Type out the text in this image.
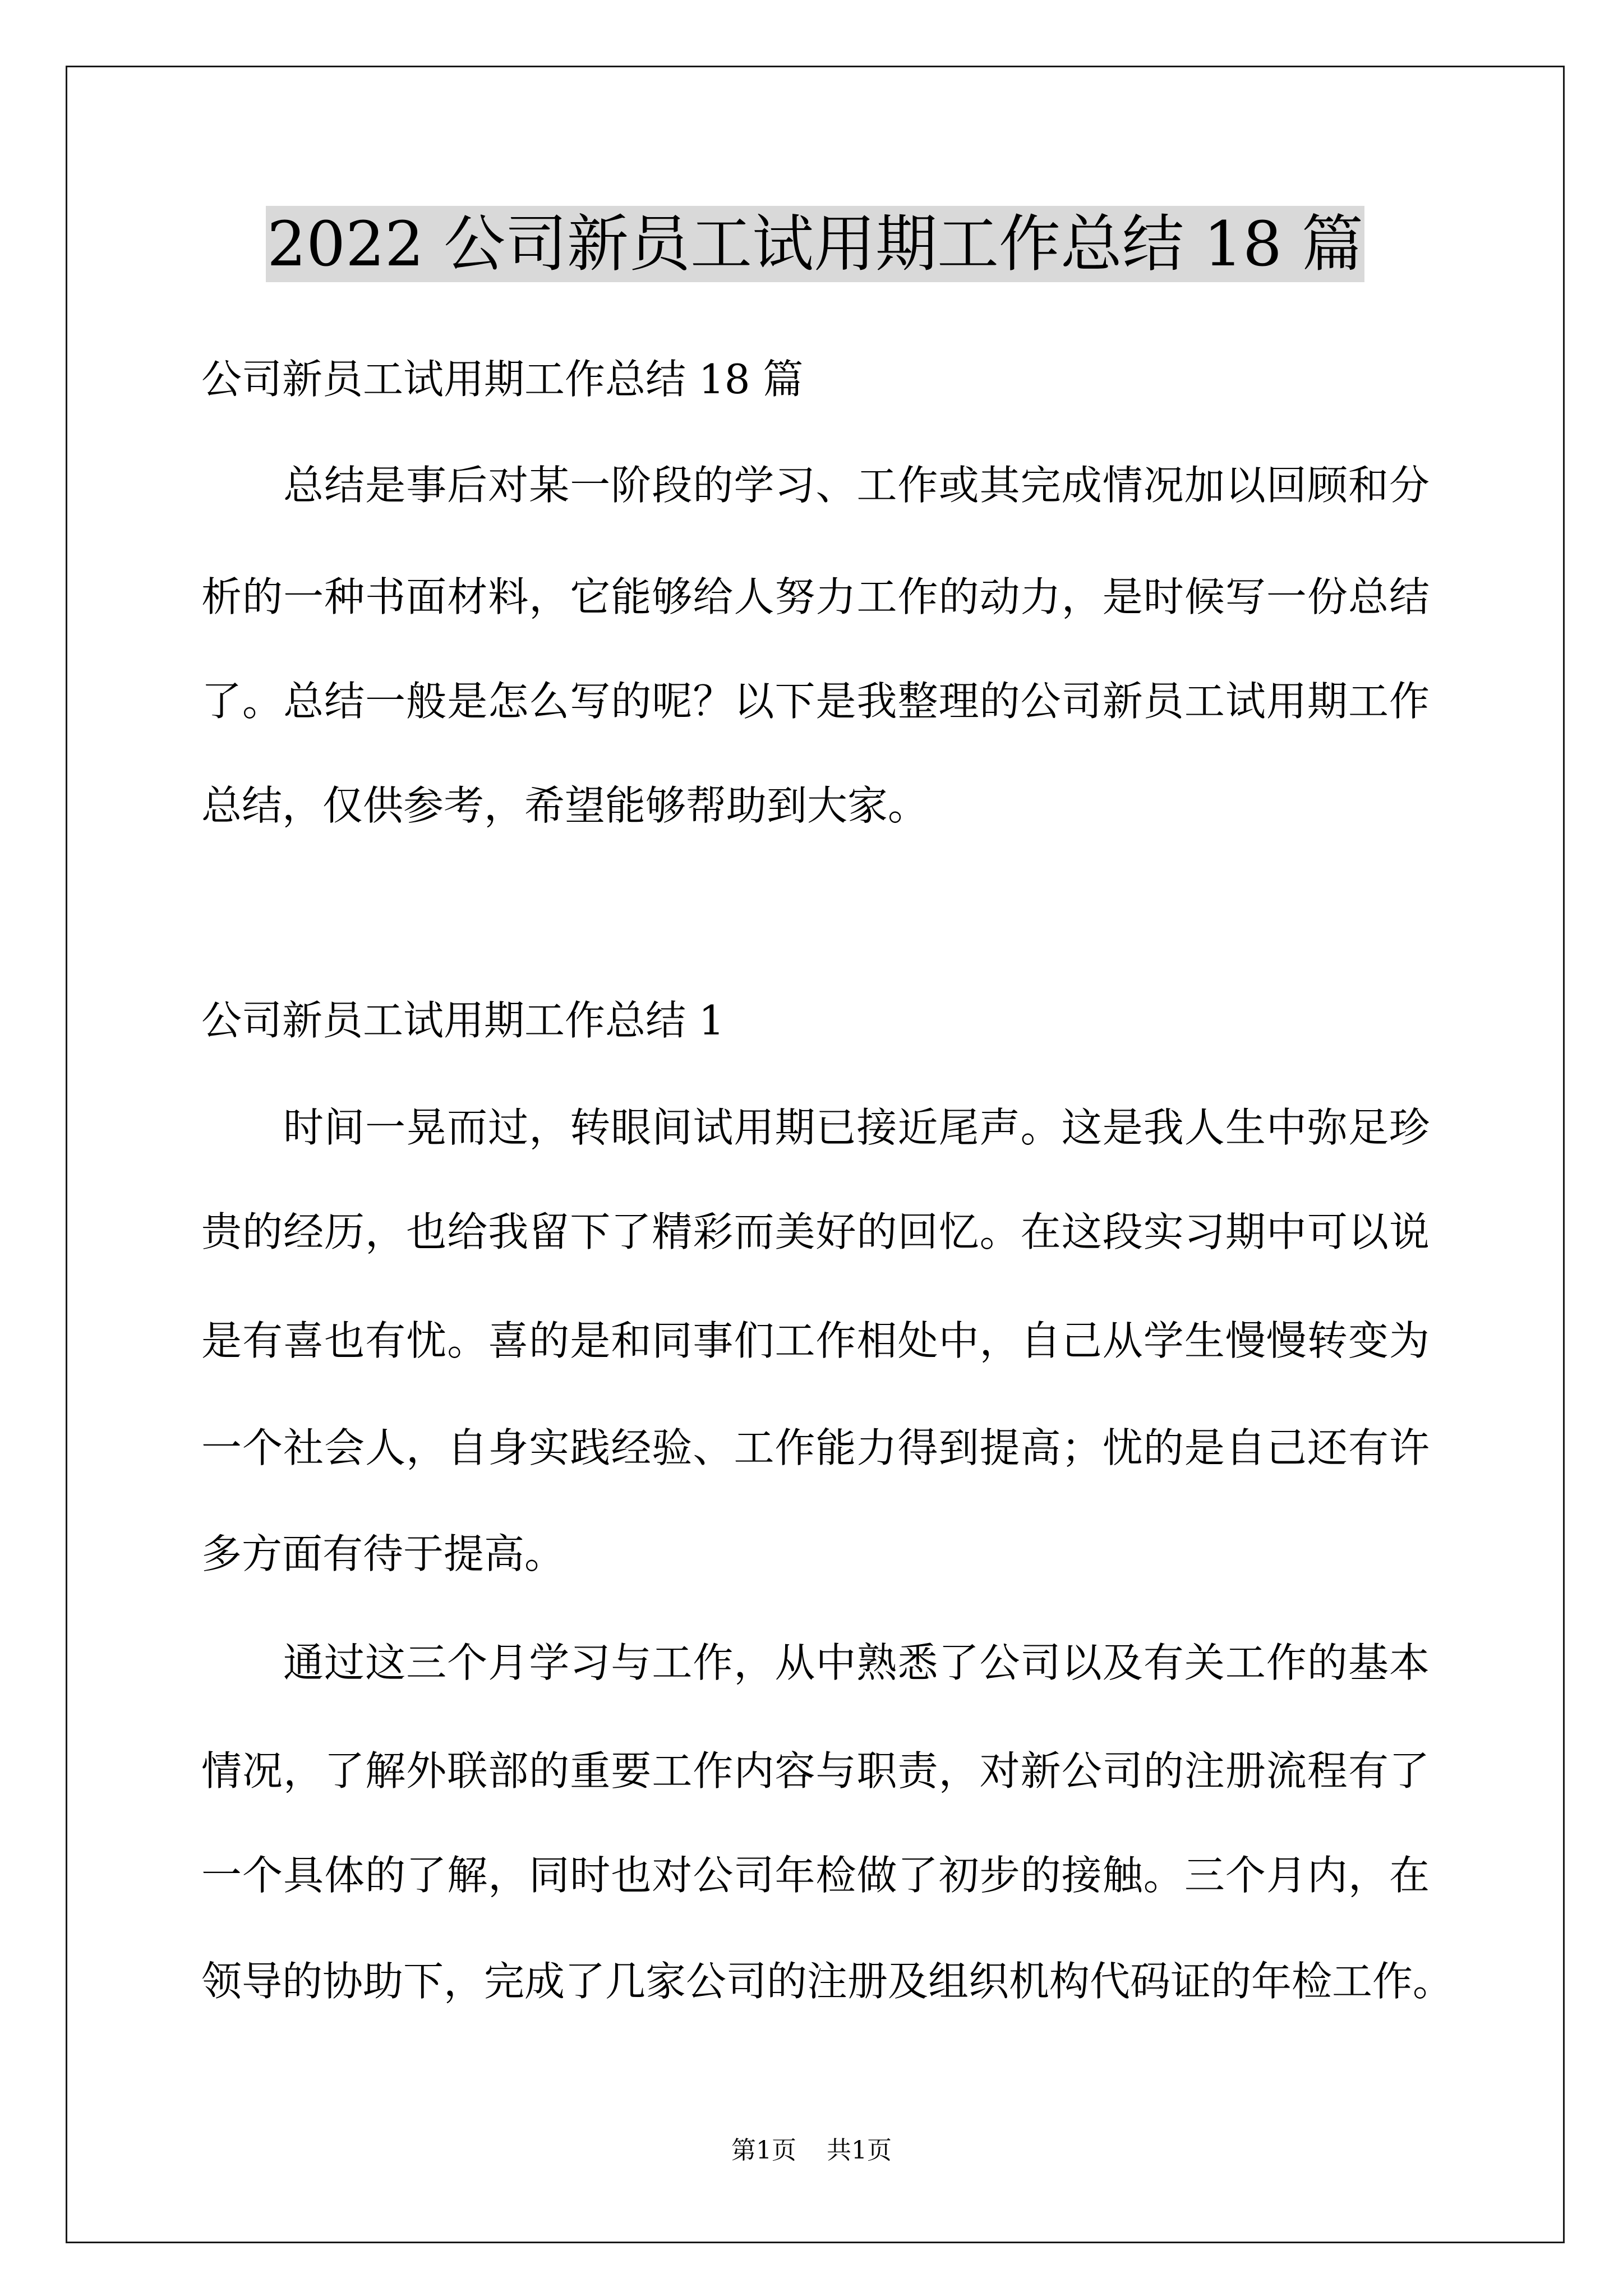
2022 公司新员工试用期工作总结 18 篇
公司新员工试用期工作总结 18 篇
总结是事后对某一阶段的学习、工作或其完成情况加以回顾和分
析的一种书面材料，它能够给人努力工作的动力，是时候写一份总结
了。总结一般是怎么写的呢？以下是我整理的公司新员工试用期工作
总结，仅供参考，希望能够帮助到大家。
公司新员工试用期工作总结 1
时间一晃而过，转眼间试用期已接近尾声。这是我人生中弥足珍
贵的经历，也给我留下了精彩而美好的回忆。在这段实习期中可以说
是有喜也有忧。喜的是和同事们工作相处中，自己从学生慢慢转变为
一个社会人，自身实践经验、工作能力得到提高；忧的是自己还有许
多方面有待于提高。
通过这三个月学习与工作，从中熟悉了公司以及有关工作的基本
情况，了解外联部的重要工作内容与职责，对新公司的注册流程有了
一个具体的了解，同时也对公司年检做了初步的接触。三个月内，在
领导的协助下，完成了几家公司的注册及组织机构代码证的年检工作。
第1页 共1页
